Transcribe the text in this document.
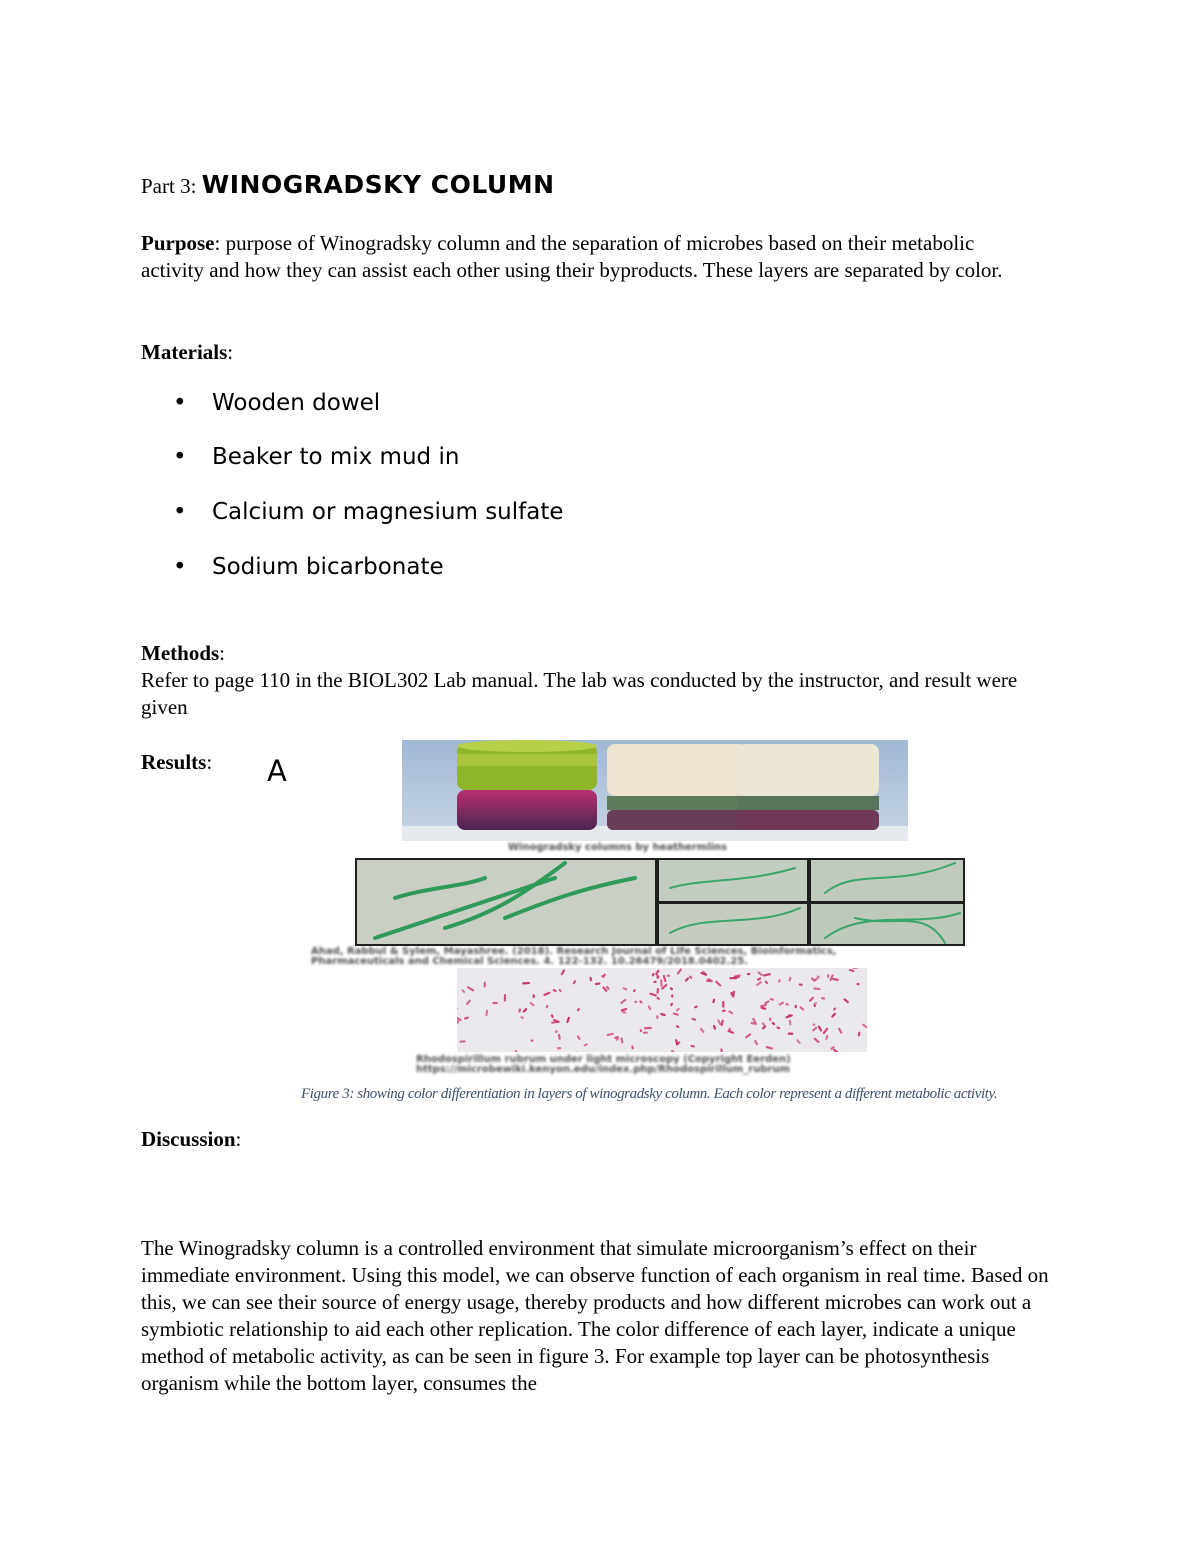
Part 3: WINOGRADSKY COLUMN
Purpose: purpose of Winogradsky column and the separation of microbes based on their metabolic activity and how they can assist each other using their byproducts. These layers are separated by color.
Materials:
• Wooden dowel
• Beaker to mix mud in
• Calcium or magnesium sulfate
• Sodium bicarbonate
Methods:
Refer to page 110 in the BIOL302 Lab manual. The lab was conducted by the instructor, and result were given
Results: A
Winogradsky columns by heathermlins
Ahad, Rabbul & Sylem, Mayashree. (2018). Research Journal of Life Sciences, Bioinformatics,
Pharmaceuticals and Chemical Sciences. 4. 122-132. 10.26479/2018.0402.25.
Rhodospirillum rubrum under light microscopy (Copyright Eerden)
https://microbewiki.kenyon.edu/index.php/Rhodospirillum_rubrum
Figure 3: showing color differentiation in layers of winogradsky column. Each color represent a different metabolic activity.
Discussion:
The Winogradsky column is a controlled environment that simulate microorganism’s effect on their immediate environment. Using this model, we can observe function of each organism in real time. Based on this, we can see their source of energy usage, thereby products and how different microbes can work out a symbiotic relationship to aid each other replication. The color difference of each layer, indicate a unique method of metabolic activity, as can be seen in figure 3. For example top layer can be photosynthesis organism while the bottom layer, consumes the
